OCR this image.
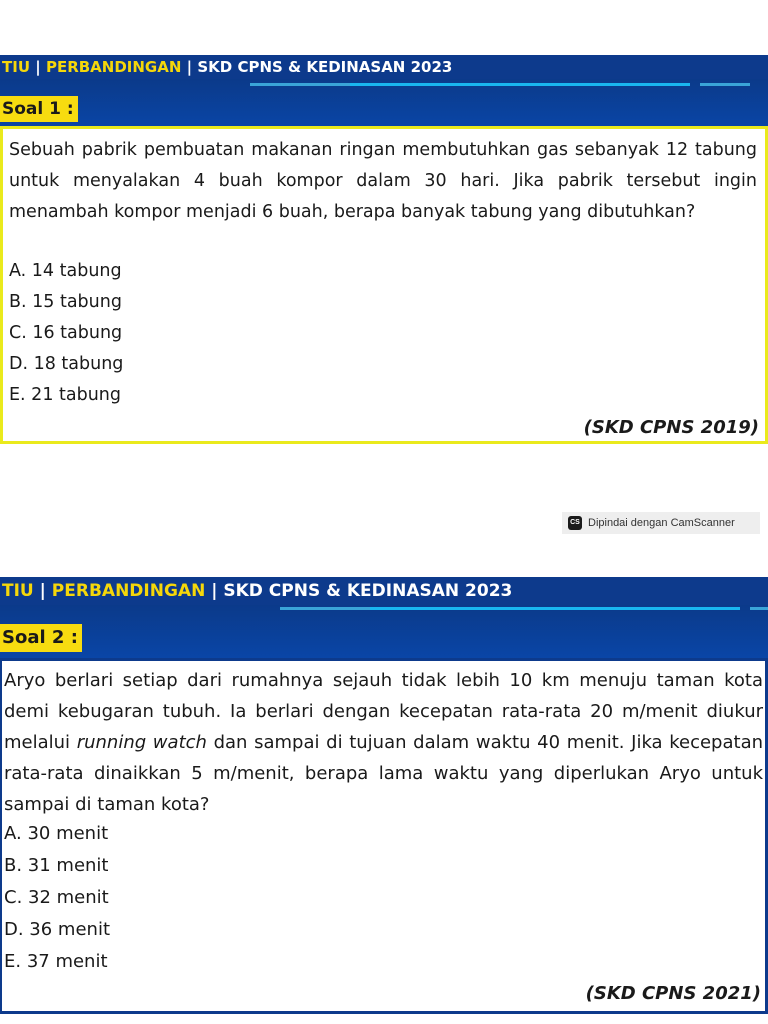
TIU | PERBANDINGAN | SKD CPNS & KEDINASAN 2023
Soal 1 :
Sebuah pabrik pembuatan makanan ringan membutuhkan gas sebanyak 12 tabung untuk menyalakan 4 buah kompor dalam 30 hari. Jika pabrik tersebut ingin menambah kompor menjadi 6 buah, berapa banyak tabung yang dibutuhkan?
A. 14 tabung
B. 15 tabung
C. 16 tabung
D. 18 tabung
E. 21 tabung
(SKD CPNS 2019)
CS Dipindai dengan CamScanner
TIU | PERBANDINGAN | SKD CPNS & KEDINASAN 2023
Soal 2 :
Aryo berlari setiap dari rumahnya sejauh tidak lebih 10 km menuju taman kota demi kebugaran tubuh. Ia berlari dengan kecepatan rata-rata 20 m/menit diukur melalui running watch dan sampai di tujuan dalam waktu 40 menit. Jika kecepatan rata-rata dinaikkan 5 m/menit, berapa lama waktu yang diperlukan Aryo untuk sampai di taman kota?
A. 30 menit
B. 31 menit
C. 32 menit
D. 36 menit
E. 37 menit
(SKD CPNS 2021)
